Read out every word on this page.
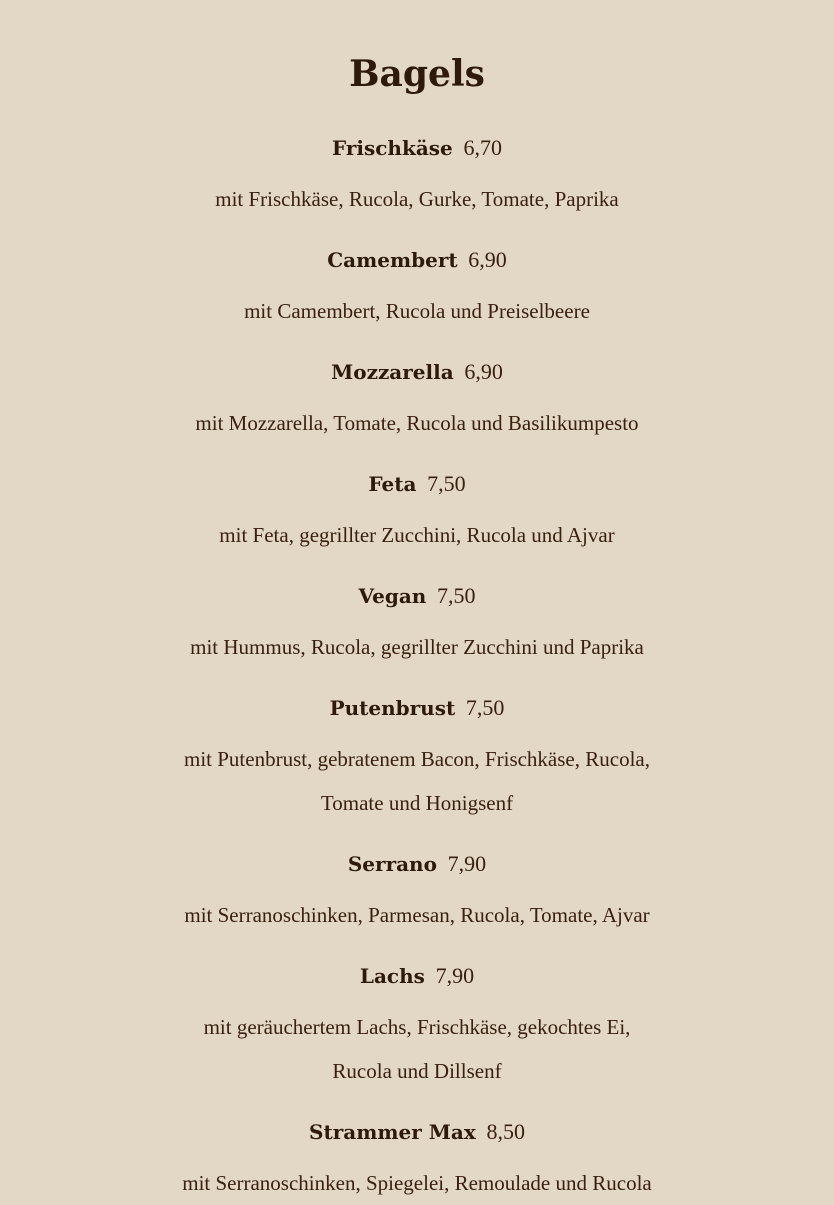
Bagels
Frischkäse 6,70
mit Frischkäse, Rucola, Gurke, Tomate, Paprika
Camembert 6,90
mit Camembert, Rucola und Preiselbeere
Mozzarella 6,90
mit Mozzarella, Tomate, Rucola und Basilikumpesto
Feta 7,50
mit Feta, gegrillter Zucchini, Rucola und Ajvar
Vegan 7,50
mit Hummus, Rucola, gegrillter Zucchini und Paprika
Putenbrust 7,50
mit Putenbrust, gebratenem Bacon, Frischkäse, Rucola,
Tomate und Honigsenf
Serrano 7,90
mit Serranoschinken, Parmesan, Rucola, Tomate, Ajvar
Lachs 7,90
mit geräuchertem Lachs, Frischkäse, gekochtes Ei,
Rucola und Dillsenf
Strammer Max 8,50
mit Serranoschinken, Spiegelei, Remoulade und Rucola
